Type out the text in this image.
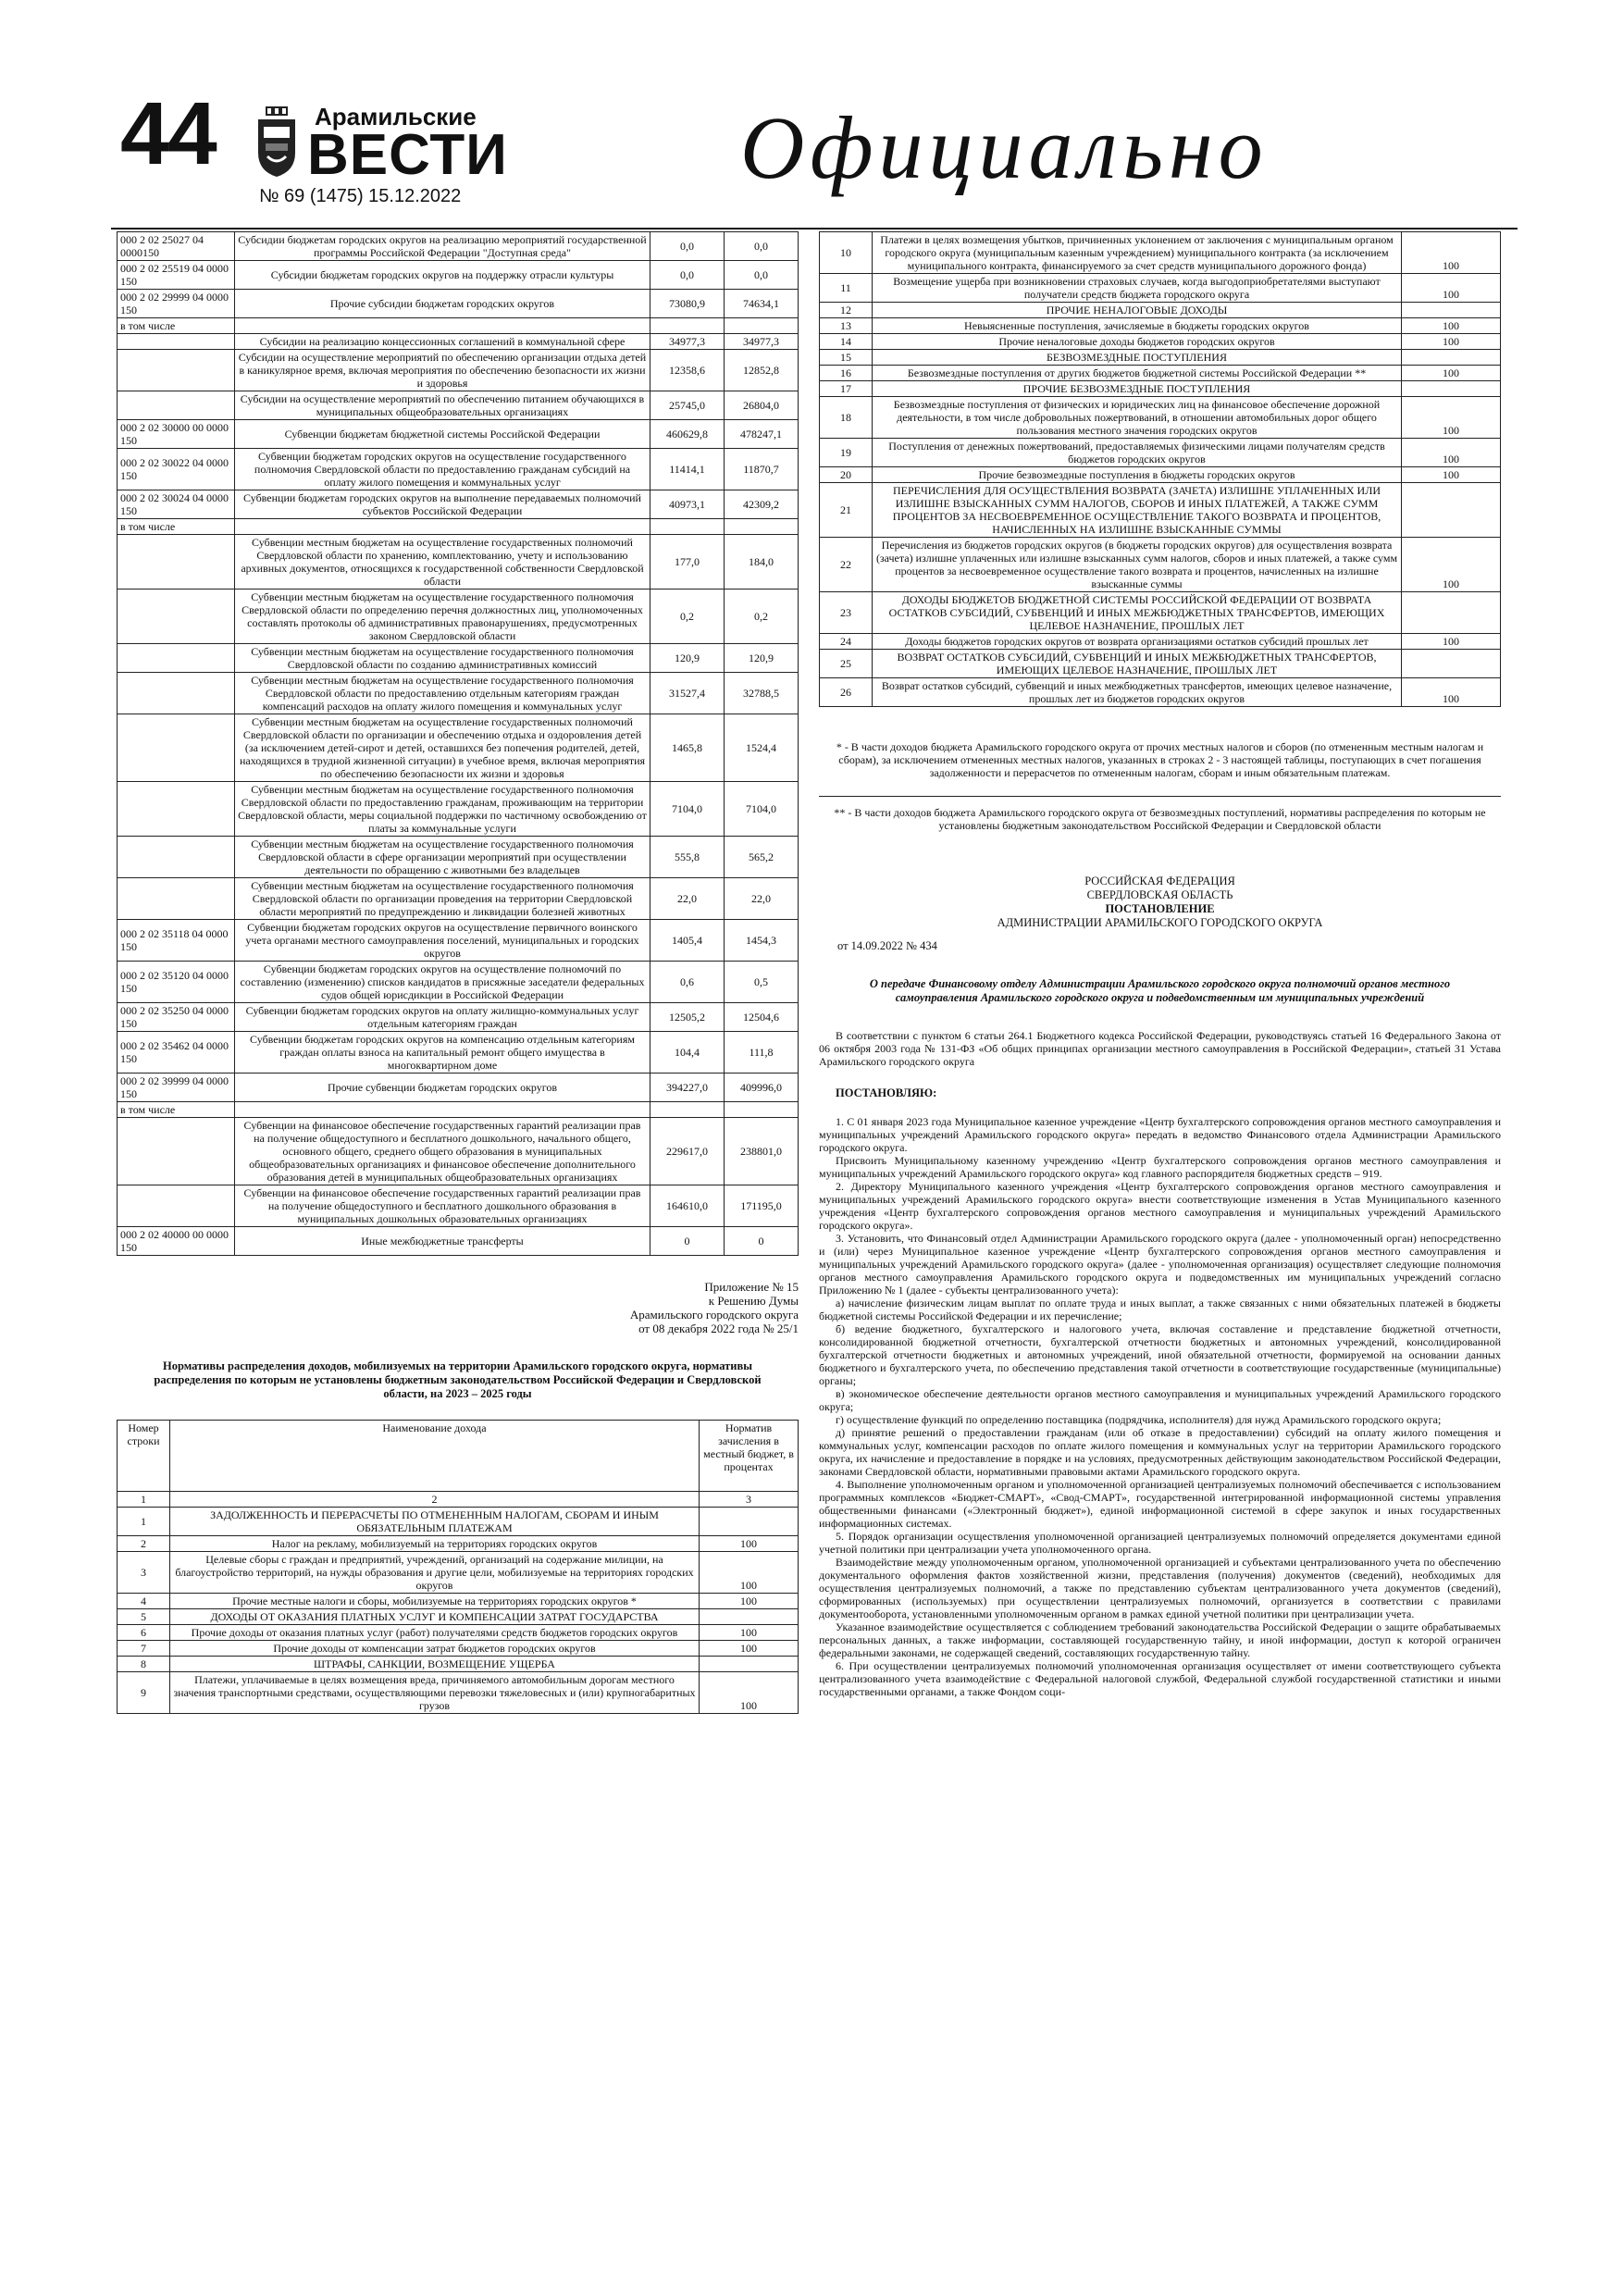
44	Арамильские
ВЕСТИ
№ 69 (1475) 15.12.2022	Официально
000 2 02 25027 04 0000150	Субсидии бюджетам городских округов на реализацию мероприятий государственной программы Российской Федерации "Доступная среда"	0,0	0,0
000 2 02 25519 04 0000 150	Субсидии бюджетам городских округов на поддержку отрасли культуры	0,0	0,0
000 2 02 29999 04 0000 150	Прочие субсидии бюджетам городских округов	73080,9	74634,1
в том числе			
	Субсидии на реализацию концессионных соглашений в коммунальной сфере	34977,3	34977,3
	Субсидии на осуществление мероприятий по обеспечению организации отдыха детей в каникулярное время, включая мероприятия по обеспечению безопасности их жизни и здоровья	12358,6	12852,8
	Субсидии на осуществление мероприятий по обеспечению питанием обучающихся в муниципальных общеобразовательных организациях	25745,0	26804,0
000 2 02 30000 00 0000 150	Субвенции бюджетам бюджетной системы Российской Федерации	460629,8	478247,1
000 2 02 30022 04 0000 150	Субвенции бюджетам городских округов на осуществление государственного полномочия Свердловской области по предоставлению гражданам субсидий на оплату жилого помещения и коммунальных услуг	11414,1	11870,7
000 2 02 30024 04 0000 150	Субвенции бюджетам городских округов на выполнение передаваемых полномочий субъектов Российской Федерации	40973,1	42309,2
в том числе			
	Субвенции местным бюджетам на осуществление государственных полномочий Свердловской области по хранению, комплектованию, учету и использованию архивных документов, относящихся к государственной собственности Свердловской области	177,0	184,0
	Субвенции местным бюджетам на осуществление государственного полномочия Свердловской области по определению перечня должностных лиц, уполномоченных составлять протоколы об административных правонарушениях, предусмотренных законом Свердловской области	0,2	0,2
	Субвенции местным бюджетам на осуществление государственного полномочия Свердловской области по созданию административных комиссий	120,9	120,9
	Субвенции местным бюджетам на осуществление государственного полномочия Свердловской области по предоставлению отдельным категориям граждан компенсаций расходов на оплату жилого помещения и коммунальных услуг	31527,4	32788,5
	Субвенции местным бюджетам на осуществление государственных полномочий Свердловской области по организации и обеспечению отдыха и оздоровления детей (за исключением детей-сирот и детей, оставшихся без попечения родителей, детей, находящихся в трудной жизненной ситуации) в учебное время, включая мероприятия по обеспечению безопасности их жизни и здоровья	1465,8	1524,4
	Субвенции местным бюджетам на осуществление государственного полномочия Свердловской области по предоставлению гражданам, проживающим на территории Свердловской области, меры социальной поддержки по частичному освобождению от платы за коммунальные услуги	7104,0	7104,0
	Субвенции местным бюджетам на осуществление государственного полномочия Свердловской области в сфере организации мероприятий при осуществлении деятельности по обращению с животными без владельцев	555,8	565,2
	Субвенции местным бюджетам на осуществление государственного полномочия Свердловской области по организации проведения на территории Свердловской области мероприятий по предупреждению и ликвидации болезней животных	22,0	22,0
000 2 02 35118 04 0000 150	Субвенции бюджетам городских округов на осуществление первичного воинского учета органами местного самоуправления поселений, муниципальных и городских округов	1405,4	1454,3
000 2 02 35120 04 0000 150	Субвенции бюджетам городских округов на осуществление полномочий по составлению (изменению) списков кандидатов в присяжные заседатели федеральных судов общей юрисдикции в Российской Федерации	0,6	0,5
000 2 02 35250 04 0000 150	Субвенции бюджетам городских округов на оплату жилищно-коммунальных услуг отдельным категориям граждан	12505,2	12504,6
000 2 02 35462 04 0000 150	Субвенции бюджетам городских округов на компенсацию отдельным категориям граждан оплаты взноса на капитальный ремонт общего имущества в многоквартирном доме	104,4	111,8
000 2 02 39999 04 0000 150	Прочие субвенции бюджетам городских округов	394227,0	409996,0
в том числе			
	Субвенции на финансовое обеспечение государственных гарантий реализации прав на получение общедоступного и бесплатного дошкольного, начального общего, основного общего, среднего общего образования в муниципальных общеобразовательных организациях и финансовое обеспечение дополнительного образования детей в муниципальных общеобразовательных организациях	229617,0	238801,0
	Субвенции на финансовое обеспечение государственных гарантий реализации прав на получение общедоступного и бесплатного дошкольного образования в муниципальных дошкольных образовательных организациях	164610,0	171195,0
000 2 02 40000 00 0000 150	Иные межбюджетные трансферты	0	0
Приложение № 15
к Решению Думы
Арамильского городского округа
от 08 декабря 2022 года № 25/1
Нормативы распределения доходов, мобилизуемых на территории Арамильского городского округа, нормативы распределения по которым не установлены бюджетным законодательством Российской Федерации и Свердловской области, на 2023 – 2025 годы
Номер строки	Наименование дохода	Норматив зачисления в местный бюджет, в процентах
1	2	3
1	ЗАДОЛЖЕННОСТЬ И ПЕРЕРАСЧЕТЫ ПО ОТМЕНЕННЫМ НАЛОГАМ, СБОРАМ И ИНЫМ ОБЯЗАТЕЛЬНЫМ ПЛАТЕЖАМ	
2	Налог на рекламу, мобилизуемый на территориях городских округов	100
3	Целевые сборы с граждан и предприятий, учреждений, организаций на содержание милиции, на благоустройство территорий, на нужды образования и другие цели, мобилизуемые на территориях городских округов	100
4	Прочие местные налоги и сборы, мобилизуемые на территориях городских округов *	100
5	ДОХОДЫ ОТ ОКАЗАНИЯ ПЛАТНЫХ УСЛУГ И КОМПЕНСАЦИИ ЗАТРАТ ГОСУДАРСТВА	
6	Прочие доходы от оказания платных услуг (работ) получателями средств бюджетов городских округов	100
7	Прочие доходы от компенсации затрат бюджетов городских округов	100
8	ШТРАФЫ, САНКЦИИ, ВОЗМЕЩЕНИЕ УЩЕРБА	
9	Платежи, уплачиваемые в целях возмещения вреда, причиняемого автомобильным дорогам местного значения транспортными средствами, осуществляющими перевозки тяжеловесных и (или) крупногабаритных грузов	100
10	Платежи в целях возмещения убытков, причиненных уклонением от заключения с муниципальным органом городского округа (муниципальным казенным учреждением) муниципального контракта (за исключением муниципального контракта, финансируемого за счет средств муниципального дорожного фонда)	100
11	Возмещение ущерба при возникновении страховых случаев, когда выгодоприобретателями выступают получатели средств бюджета городского округа	100
12	ПРОЧИЕ НЕНАЛОГОВЫЕ ДОХОДЫ	
13	Невыясненные поступления, зачисляемые в бюджеты городских округов	100
14	Прочие неналоговые доходы бюджетов городских округов	100
15	БЕЗВОЗМЕЗДНЫЕ ПОСТУПЛЕНИЯ	
16	Безвозмездные поступления от других бюджетов бюджетной системы Российской Федерации **	100
17	ПРОЧИЕ БЕЗВОЗМЕЗДНЫЕ ПОСТУПЛЕНИЯ	
18	Безвозмездные поступления от физических и юридических лиц на финансовое обеспечение дорожной деятельности, в том числе добровольных пожертвований, в отношении автомобильных дорог общего пользования местного значения городских округов	100
19	Поступления от денежных пожертвований, предоставляемых физическими лицами получателям средств бюджетов городских округов	100
20	Прочие безвозмездные поступления в бюджеты городских округов	100
21	ПЕРЕЧИСЛЕНИЯ ДЛЯ ОСУЩЕСТВЛЕНИЯ ВОЗВРАТА (ЗАЧЕТА) ИЗЛИШНЕ УПЛАЧЕННЫХ ИЛИ ИЗЛИШНЕ ВЗЫСКАННЫХ СУММ НАЛОГОВ, СБОРОВ И ИНЫХ ПЛАТЕЖЕЙ, А ТАКЖЕ СУММ ПРОЦЕНТОВ ЗА НЕСВОЕВРЕМЕННОЕ ОСУЩЕСТВЛЕНИЕ ТАКОГО ВОЗВРАТА И ПРОЦЕНТОВ, НАЧИСЛЕННЫХ НА ИЗЛИШНЕ ВЗЫСКАННЫЕ СУММЫ	
22	Перечисления из бюджетов городских округов (в бюджеты городских округов) для осуществления возврата (зачета) излишне уплаченных или излишне взысканных сумм налогов, сборов и иных платежей, а также сумм процентов за несвоевременное осуществление такого возврата и процентов, начисленных на излишне взысканные суммы	100
23	ДОХОДЫ БЮДЖЕТОВ БЮДЖЕТНОЙ СИСТЕМЫ РОССИЙСКОЙ ФЕДЕРАЦИИ ОТ ВОЗВРАТА ОСТАТКОВ СУБСИДИЙ, СУБВЕНЦИЙ И ИНЫХ МЕЖБЮДЖЕТНЫХ ТРАНСФЕРТОВ, ИМЕЮЩИХ ЦЕЛЕВОЕ НАЗНАЧЕНИЕ, ПРОШЛЫХ ЛЕТ	
24	Доходы бюджетов городских округов от возврата организациями остатков субсидий прошлых лет	100
25	ВОЗВРАТ ОСТАТКОВ СУБСИДИЙ, СУБВЕНЦИЙ И ИНЫХ МЕЖБЮДЖЕТНЫХ ТРАНСФЕРТОВ, ИМЕЮЩИХ ЦЕЛЕВОЕ НАЗНАЧЕНИЕ, ПРОШЛЫХ ЛЕТ	
26	Возврат остатков субсидий, субвенций и иных межбюджетных трансфертов, имеющих целевое назначение, прошлых лет из бюджетов городских округов	100
* - В части доходов бюджета Арамильского городского округа от прочих местных налогов и сборов (по отмененным местным налогам и сборам), за исключением отмененных местных налогов, указанных в строках 2 - 3 настоящей таблицы, поступающих в счет погашения задолженности и перерасчетов по отмененным налогам, сборам и иным обязательным платежам.
** - В части доходов бюджета Арамильского городского округа от безвозмездных поступлений, нормативы распределения по которым не установлены бюджетным законодательством Российской Федерации и Свердловской области
РОССИЙСКАЯ ФЕДЕРАЦИЯ
СВЕРДЛОВСКАЯ ОБЛАСТЬ
ПОСТАНОВЛЕНИЕ
АДМИНИСТРАЦИИ АРАМИЛЬСКОГО ГОРОДСКОГО ОКРУГА
от 14.09.2022 № 434
О передаче Финансовому отделу Администрации Арамильского городского округа полномочий органов местного самоуправления Арамильского городского округа и подведомственным им муниципальных учреждений
В соответствии с пунктом 6 статьи 264.1 Бюджетного кодекса Российской Федерации, руководствуясь статьей 16 Федерального Закона от 06 октября 2003 года № 131-ФЗ «Об общих принципах организации местного самоуправления в Российской Федерации», статьей 31 Устава Арамильского городского округа
ПОСТАНОВЛЯЮ:

1. С 01 января 2023 года Муниципальное казенное учреждение «Центр бухгалтерского сопровождения органов местного самоуправления и муниципальных учреждений Арамильского городского округа» передать в ведомство Финансового отдела Администрации Арамильского городского округа.

Присвоить Муниципальному казенному учреждению «Центр бухгалтерского сопровождения органов местного самоуправления и муниципальных учреждений Арамильского городского округа» код главного распорядителя бюджетных средств – 919.

2. Директору Муниципального казенного учреждения «Центр бухгалтерского сопровождения органов местного самоуправления и муниципальных учреждений Арамильского городского округа» внести соответствующие изменения в Устав Муниципального казенного учреждения «Центр бухгалтерского сопровождения органов местного самоуправления и муниципальных учреждений Арамильского городского округа».

3. Установить, что Финансовый отдел Администрации Арамильского городского округа (далее - уполномоченный орган) непосредственно и (или) через Муниципальное казенное учреждение «Центр бухгалтерского сопровождения органов местного самоуправления и муниципальных учреждений Арамильского городского округа» (далее - уполномоченная организация) осуществляет следующие полномочия органов местного самоуправления Арамильского городского округа и подведомственных им муниципальных учреждений согласно Приложению № 1 (далее - субъекты централизованного учета):

а) начисление физическим лицам выплат по оплате труда и иных выплат, а также связанных с ними обязательных платежей в бюджеты бюджетной системы Российской Федерации и их перечисление;

б) ведение бюджетного, бухгалтерского и налогового учета, включая составление и представление бюджетной отчетности, консолидированной бюджетной отчетности, бухгалтерской отчетности бюджетных и автономных учреждений, консолидированной бухгалтерской отчетности бюджетных и автономных учреждений, иной обязательной отчетности, формируемой на основании данных бюджетного и бухгалтерского учета, по обеспечению представления такой отчетности в соответствующие государственные (муниципальные) органы;

в) экономическое обеспечение деятельности органов местного самоуправления и муниципальных учреждений Арамильского городского округа;

г) осуществление функций по определению поставщика (подрядчика, исполнителя) для нужд Арамильского городского округа;

д) принятие решений о предоставлении гражданам (или об отказе в предоставлении) субсидий на оплату жилого помещения и коммунальных услуг, компенсации расходов по оплате жилого помещения и коммунальных услуг на территории Арамильского городского округа, их начисление и предоставление в порядке и на условиях, предусмотренных действующим законодательством Российской Федерации, законами Свердловской области, нормативными правовыми актами Арамильского городского округа.

4. Выполнение уполномоченным органом и уполномоченной организацией централизуемых полномочий обеспечивается с использованием программных комплексов «Бюджет-СМАРТ», «Свод-СМАРТ», государственной интегрированной информационной системы управления общественными финансами («Электронный бюджет»), единой информационной системой в сфере закупок и иных государственных информационных системах.

5. Порядок организации осуществления уполномоченной организацией централизуемых полномочий определяется документами единой учетной политики при централизации учета уполномоченного органа.

Взаимодействие между уполномоченным органом, уполномоченной организацией и субъектами централизованного учета по обеспечению документального оформления фактов хозяйственной жизни, представления (получения) документов (сведений), необходимых для осуществления централизуемых полномочий, а также по представлению субъектам централизованного учета документов (сведений), сформированных (используемых) при осуществлении централизуемых полномочий, организуется в соответствии с правилами документооборота, установленными уполномоченным органом в рамках единой учетной политики при централизации учета.

Указанное взаимодействие осуществляется с соблюдением требований законодательства Российской Федерации о защите обрабатываемых персональных данных, а также информации, составляющей государственную тайну, и иной информации, доступ к которой ограничен федеральными законами, не содержащей сведений, составляющих государственную тайну.

6. При осуществлении централизуемых полномочий уполномоченная организация осуществляет от имени соответствующего субъекта централизованного учета взаимодействие с Федеральной налоговой службой, Федеральной службой государственной статистики и иными государственными органами, а также Фондом соци-
